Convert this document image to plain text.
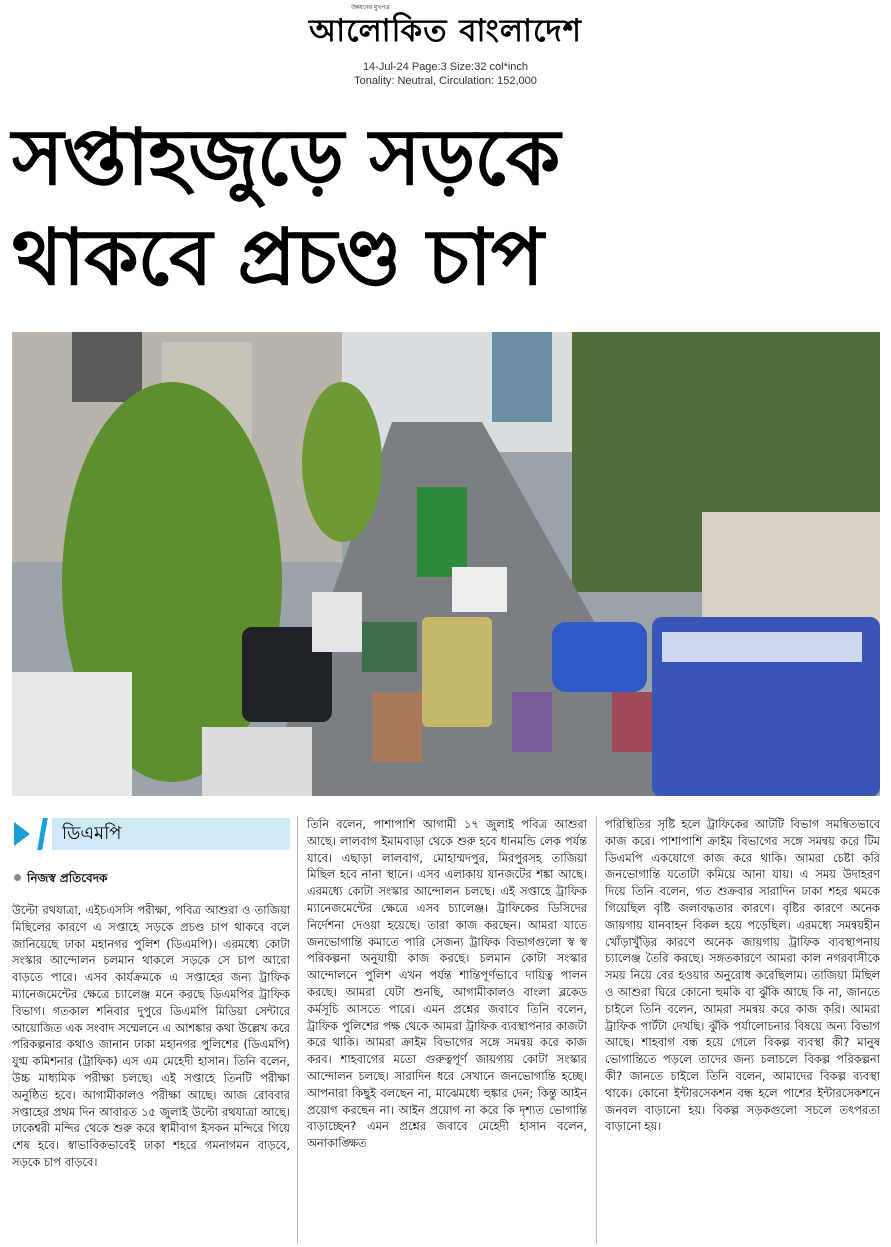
উন্নয়নের মুখপত্র
আলোকিত বাংলাদেশ
14-Jul-24 Page:3 Size:32 col*inch
Tonality: Neutral, Circulation: 152,000
সপ্তাহজুড়ে সড়কে
থাকবে প্রচণ্ড চাপ
ডিএমপি
নিজস্ব প্রতিবেদক

উল্টো রথযাত্রা, এইচএসসি পরীক্ষা, পবিত্র আশুরা ও তাজিয়া মিছিলের কারণে এ সপ্তাহে সড়কে প্রচণ্ড চাপ থাকবে বলে জানিয়েছে ঢাকা মহানগর পুলিশ (ডিএমপি)। এরমধ্যে কোটা সংস্কার আন্দোলন চলমান থাকলে সড়কে সে চাপ আরো বাড়তে পারে। এসব কার্যক্রমকে এ সপ্তাহের জন্য ট্রাফিক ম্যানেজমেন্টের ক্ষেত্রে চ্যালেঞ্জ মনে করছে ডিএমপির ট্রাফিক বিভাগ। গতকাল শনিবার দুপুরে ডিএমপি মিডিয়া সেন্টারে আয়োজিত এক সংবাদ সম্মেলনে এ আশঙ্কার কথা উল্লেখ করে পরিকল্পনার কথাও জানান ঢাকা মহানগর পুলিশের (ডিএমপি) যুগ্ম কমিশনার (ট্রাফিক) এস এম মেহেদী হাসান। তিনি বলেন, উচ্চ মাধ্যমিক পরীক্ষা চলছে। এই সপ্তাহে তিনটি পরীক্ষা অনুষ্ঠিত হবে। আগামীকালও পরীক্ষা আছে। আজ রোববার সপ্তাহের প্রথম দিন আবারত ১৫ জুলাই উল্টো রথযাত্রা আছে। ঢাকেশ্বরী মন্দির থেকে শুরু করে স্বামীবাগ ইসকন মন্দিরে গিয়ে শেষ হবে। স্বাভাবিকভাবেই ঢাকা শহরে গমনাগমন বাড়বে, সড়কে চাপ বাড়বে।

তিনি বলেন, পাশাপাশি আগামী ১৭ জুলাই পবিত্র আশুরা আছে। লালবাগ ইমামবাড়া থেকে শুরু হবে ধানমন্ডি লেক পর্যন্ত যাবে। এছাড়া লালবাগ, মোহাম্মদপুর, মিরপুরসহ তাজিয়া মিছিল হবে নানা স্থানে। এসব এলাকায় যানজটের শঙ্কা আছে। এরমধ্যে কোটা সংস্কার আন্দোলন চলছে। এই সপ্তাহে ট্রাফিক ম্যানেজমেন্টের ক্ষেত্রে এসব চ্যালেঞ্জ। ট্রাফিকের ডিসিদের নির্দেশনা দেওয়া হয়েছে। তারা কাজ করছেন। আমরা যাতে জনভোগান্তি কমাতে পারি সেজন্য ট্রাফিক বিভাগগুলো স্ব স্ব পরিকল্পনা অনুযায়ী কাজ করছে। চলমান কোটা সংস্কার আন্দোলনে পুলিশ এখন পর্যন্ত শান্তিপূর্ণভাবে দায়িত্ব পালন করছে। আমরা যেটা শুনছি, আগামীকালও বাংলা ব্লকেড কর্মসূচি আসতে পারে। এমন প্রশ্নের জবাবে তিনি বলেন, ট্রাফিক পুলিশের পক্ষ থেকে আমরা ট্রাফিক ব্যবস্থাপনার কাজটা করে থাকি। আমরা ক্রাইম বিভাগের সঙ্গে সমন্বয় করে কাজ করব। শাহবাগের মতো গুরুত্বপূর্ণ জায়গায় কোটা সংস্কার আন্দোলন চলছে। সারাদিন ধরে সেখানে জনভোগান্তি হচ্ছে। আপনারা কিছুই বলছেন না, মাঝেমধ্যে হুঙ্কার দেন; কিন্তু আইন প্রয়োগ করছেন না। আইন প্রয়োগ না করে কি দৃশ্যত ভোগান্তি বাড়াচ্ছেন? এমন প্রশ্নের জবাবে মেহেদী হাসান বলেন, অনাকাঙ্ক্ষিত

পরিস্থিতির সৃষ্টি হলে ট্রাফিকের আটটি বিভাগ সমন্বিতভাবে কাজ করে। পাশাপাশি ক্রাইম বিভাগের সঙ্গে সমন্বয় করে টিম ডিএমপি একযোগে কাজ করে থাকি। আমরা চেষ্টা করি জনভোগান্তি যতোটা কমিয়ে আনা যায়। এ সময় উদাহরণ দিয়ে তিনি বলেন, গত শুক্রবার সারাদিন ঢাকা শহর থমকে গিয়েছিল বৃষ্টি জলাবদ্ধতার কারণে। বৃষ্টির কারণে অনেক জায়গায় যানবাহন বিকল হয়ে পড়েছিল। এরমধ্যে সমন্বয়হীন খোঁড়াখুঁড়ির কারণে অনেক জায়গায় ট্রাফিক ব্যবস্থাপনায় চ্যালেঞ্জ তৈরি করছে। সঙ্গতকারণে আমরা কাল নগরবাসীকে সময় নিয়ে বের হওয়ার অনুরোধ করেছিলাম। তাজিয়া মিছিল ও আশুরা ঘিরে কোনো হুমকি বা ঝুঁকি আছে কি না, জানতে চাইলে তিনি বলেন, আমরা সমন্বয় করে কাজ করি। আমরা ট্রাফিক পার্টটা দেখছি। ঝুঁকি পর্যালোচনার বিষয়ে অন্য বিভাগ আছে। শাহবাগ বন্ধ হয়ে গেলে বিকল্প ব্যবস্থা কী? মানুষ ভোগান্তিতে পড়লে তাদের জন্য চলাচলে বিকল্প পরিকল্পনা কী? জানতে চাইলে তিনি বলেন, আমাদের বিকল্প ব্যবস্থা থাকে। কোনো ইন্টারসেকশন বন্ধ হলে পাশের ইন্টারসেকশনে জনবল বাড়ানো হয়। বিকল্প সড়কগুলো সচলে তৎপরতা বাড়ানো হয়।
